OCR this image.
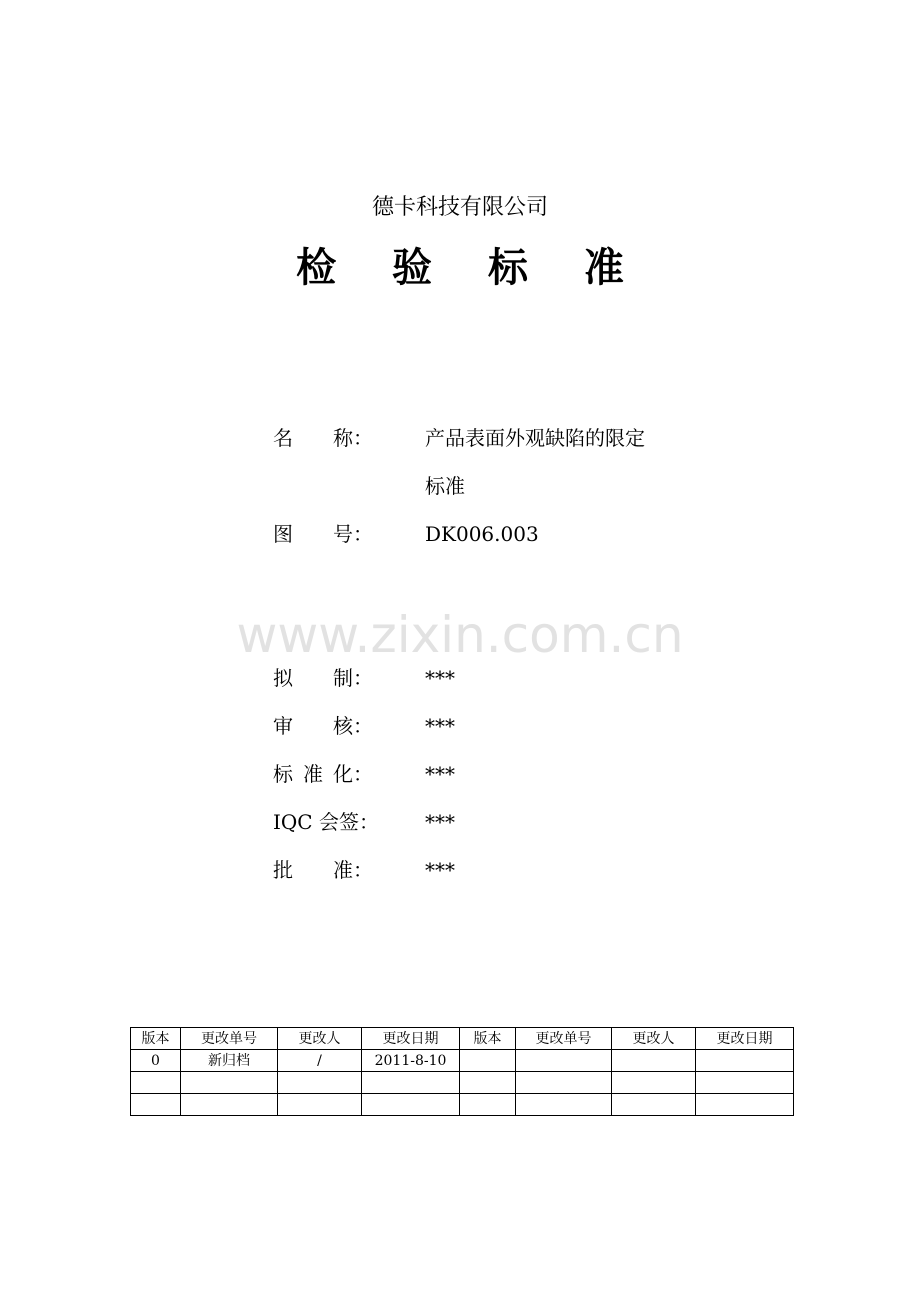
德卡科技有限公司
检 验 标 准
名 称：	产品表面外观缺陷的限定
标准
图 号：	DK006.003
www.zixin.com.cn
拟 制：	***
审 核：	***
标 准 化：	***
IQC 会签： ***
批 准：	***
版本	更改单号	更改人	更改日期	版本	更改单号	更改人	更改日期
0	新归档	/	2011-8-10				
